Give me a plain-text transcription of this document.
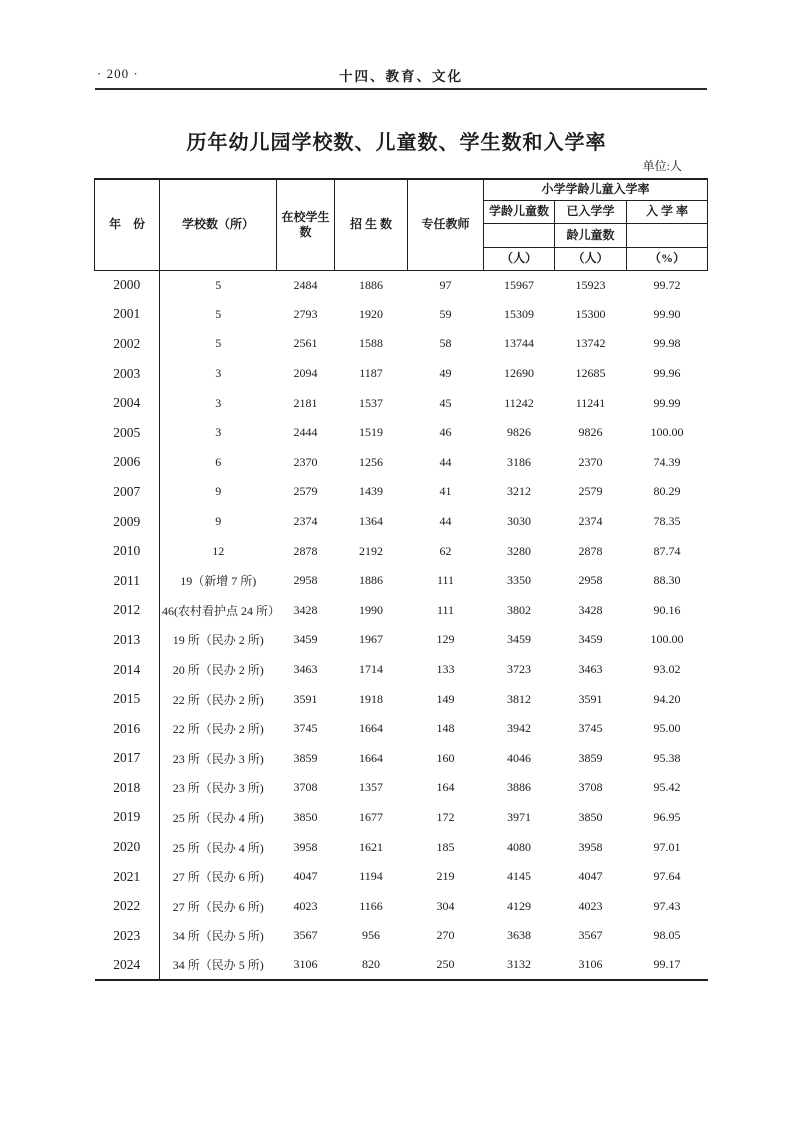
· 200 ·	十四、教育、文化
历年幼儿园学校数、儿童数、学生数和入学率
单位:人
年　份	学校数（所）	在校学生
数	招 生 数	专任教师	小学学龄儿童入学率		
					学龄儿童数	已入学学	入 学 率
						龄儿童数	
					（人）	（人）	（%）
2000	5	2484	1886	97	15967	15923	99.72
2001	5	2793	1920	59	15309	15300	99.90
2002	5	2561	1588	58	13744	13742	99.98
2003	3	2094	1187	49	12690	12685	99.96
2004	3	2181	1537	45	11242	11241	99.99
2005	3	2444	1519	46	9826	9826	100.00
2006	6	2370	1256	44	3186	2370	74.39
2007	9	2579	1439	41	3212	2579	80.29
2009	9	2374	1364	44	3030	2374	78.35
2010	12	2878	2192	62	3280	2878	87.74
2011	19（新增 7 所)	2958	1886	111	3350	2958	88.30
2012	46(农村看护点 24 所）	3428	1990	111	3802	3428	90.16
2013	19 所（民办 2 所)	3459	1967	129	3459	3459	100.00
2014	20 所（民办 2 所)	3463	1714	133	3723	3463	93.02
2015	22 所（民办 2 所)	3591	1918	149	3812	3591	94.20
2016	22 所（民办 2 所)	3745	1664	148	3942	3745	95.00
2017	23 所（民办 3 所)	3859	1664	160	4046	3859	95.38
2018	23 所（民办 3 所)	3708	1357	164	3886	3708	95.42
2019	25 所（民办 4 所)	3850	1677	172	3971	3850	96.95
2020	25 所（民办 4 所)	3958	1621	185	4080	3958	97.01
2021	27 所（民办 6 所)	4047	1194	219	4145	4047	97.64
2022	27 所（民办 6 所)	4023	1166	304	4129	4023	97.43
2023	34 所（民办 5 所)	3567	956	270	3638	3567	98.05
2024	34 所（民办 5 所)	3106	820	250	3132	3106	99.17
